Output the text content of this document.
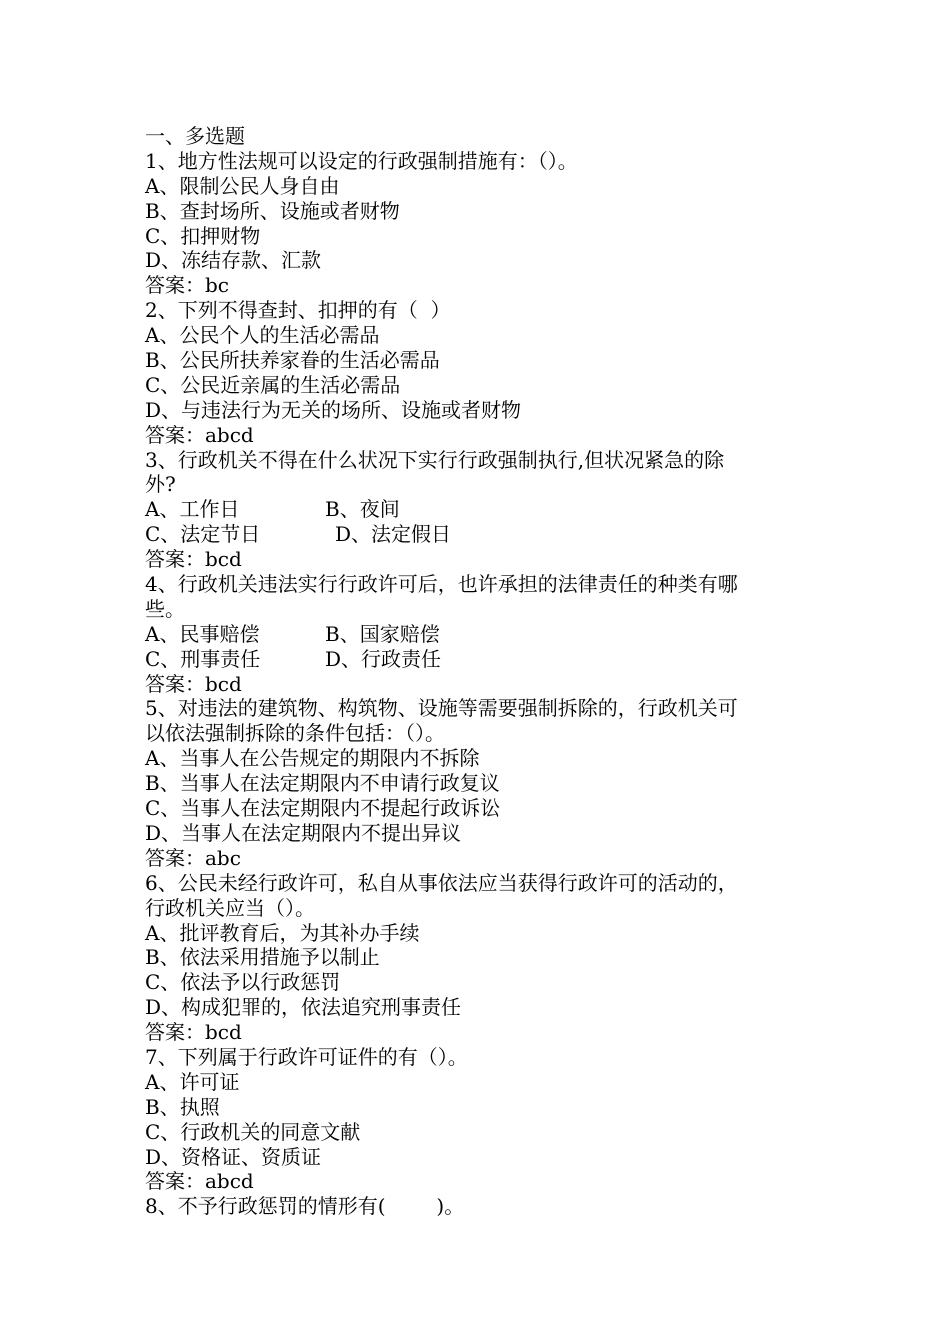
一、多选题
1、地方性法规可以设定的行政强制措施有：（）。
A、限制公民人身自由
B、查封场所、设施或者财物
C、扣押财物
D、冻结存款、汇款
答案：bc
2、下列不得查封、扣押的有（  ）
A、公民个人的生活必需品
B、公民所扶养家眷的生活必需品
C、公民近亲属的生活必需品
D、与违法行为无关的场所、设施或者财物
答案：abcd
3、行政机关不得在什么状况下实行行政强制执行,但状况紧急的除
外?
A、工作日	B、夜间
C、法定节日	D、法定假日
答案：bcd
4、行政机关违法实行行政许可后，也许承担的法律责任的种类有哪
些。
A、民事赔偿	B、国家赔偿
C、刑事责任	D、行政责任
答案：bcd
5、对违法的建筑物、构筑物、设施等需要强制拆除的，行政机关可
以依法强制拆除的条件包括：（）。
A、当事人在公告规定的期限内不拆除
B、当事人在法定期限内不申请行政复议
C、当事人在法定期限内不提起行政诉讼
D、当事人在法定期限内不提出异议
答案：abc
6、公民未经行政许可，私自从事依法应当获得行政许可的活动的，
行政机关应当（）。
A、批评教育后，为其补办手续
B、依法采用措施予以制止
C、依法予以行政惩罚
D、构成犯罪的，依法追究刑事责任
答案：bcd
7、下列属于行政许可证件的有（）。
A、许可证
B、执照
C、行政机关的同意文献
D、资格证、资质证
答案：abcd
8、不予行政惩罚的情形有(        )。
